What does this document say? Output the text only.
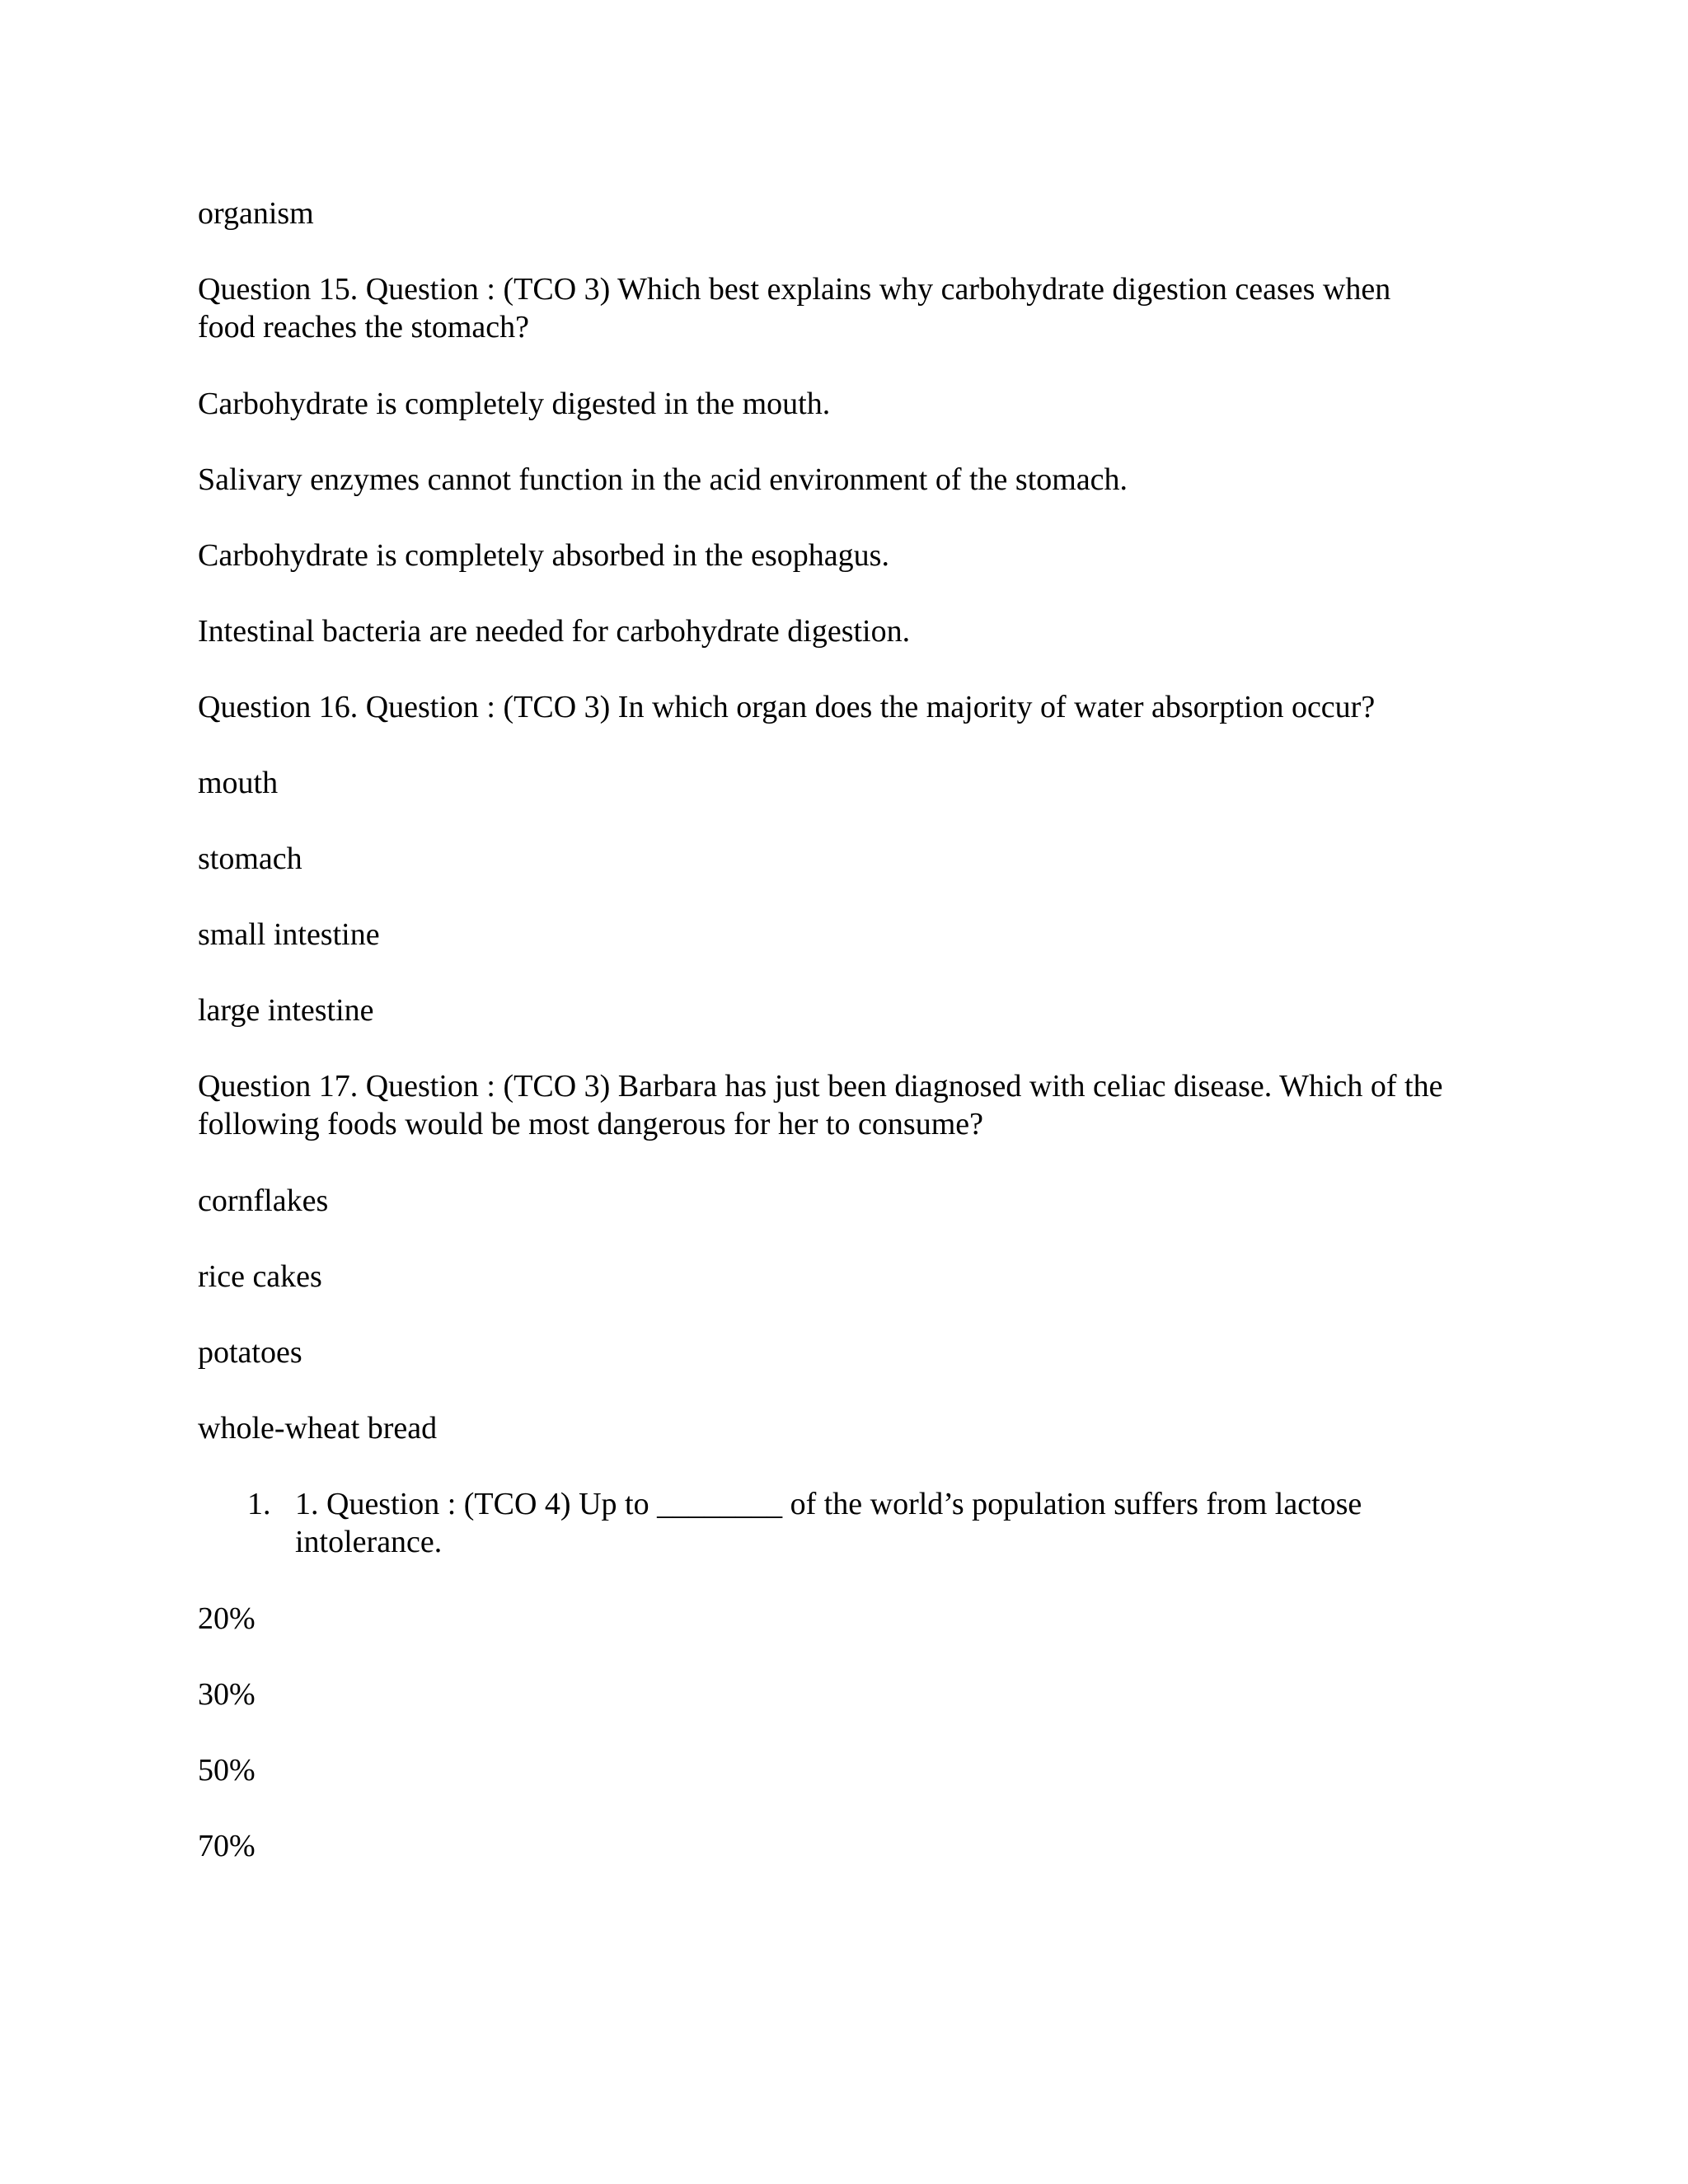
organism

Question 15. Question : (TCO 3) Which best explains why carbohydrate digestion ceases when food reaches the stomach?

Carbohydrate is completely digested in the mouth.

Salivary enzymes cannot function in the acid environment of the stomach.

Carbohydrate is completely absorbed in the esophagus.

Intestinal bacteria are needed for carbohydrate digestion.

Question 16. Question : (TCO 3) In which organ does the majority of water absorption occur?

mouth

stomach

small intestine

large intestine

Question 17. Question : (TCO 3) Barbara has just been diagnosed with celiac disease. Which of the following foods would be most dangerous for her to consume?

cornflakes

rice cakes

potatoes

whole-wheat bread

1. 1. Question : (TCO 4) Up to ________ of the world’s population suffers from lactose intolerance.

20%

30%

50%

70%
